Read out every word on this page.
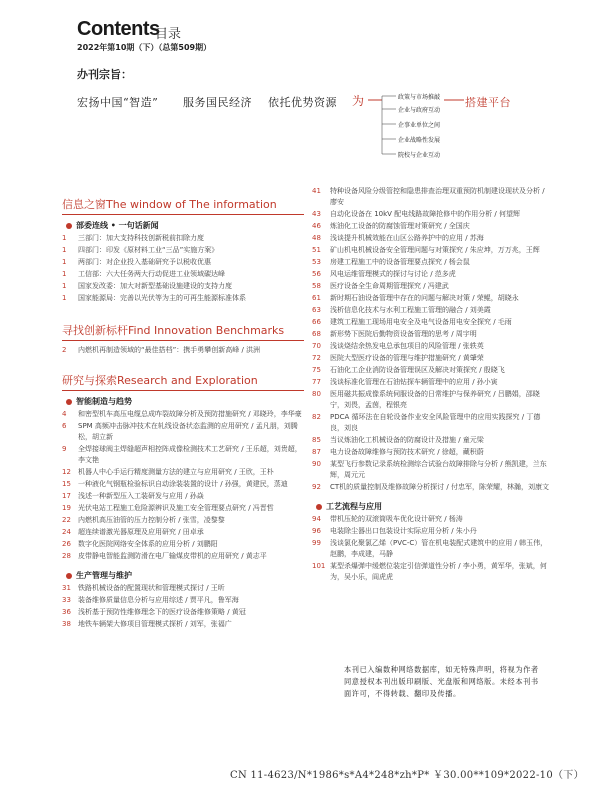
Contents
目录
2022年第10期（下）（总第509期）
办刊宗旨：
宏扬中国“智造” 服务国民经济 依托优势资源 为	搭建平台
政策与市场推敲
企业与政府互动
企事业单位之间
企业战略性发展
院校与企业互动
信息之窗The window of The information
部委连线 • 一句话新闻
1 三部门：加大支持科技创新税前扣除力度
1 四部门：印发《原材料工业“三品”实施方案》
1 两部门：对企业投入基础研究予以税收优惠
1 工信部：六大任务两大行动促进工业领域碳达峰
1 国家发改委：加大对新型基础设施建设的支持力度
1 国家能源局：完善以光伏等为主的可再生能源标准体系
寻找创新标杆Find Innovation Benchmarks
2 内燃机再制造领域的“最佳搭档”：携手勇攀创新高峰 / 洪洲
研究与探索Research and Exploration
智能制造与趋势
4 和密型机车高压电缆总成咋裂故障分析及预防措施研究 / 邓晓玲，李华豪
6 SPM 高频冲击脉冲技术在轧线设备状态监测的应用研究 / 孟凡朋，刘腾松，胡立新
9 全焊接球阀主焊缝超声相控阵成像检测技术工艺研究 / 王乐超，刘贵超，李文艳
12 机器人中心手运行精度测量方法的建立与应用研究 / 王欣，王朴
15 一种液化气钢瓶检验标识自动涂装装置的设计 / 孙强，黄建民，蒸迪
17 浅述一种新型压入工装研发与应用 / 孙焱
19 光伏电站工程施工危险源辨识及施工安全管理要点研究 / 冯晋哲
22 内燃机高压油管的压力控制分析 / 张雪，凌黎黎
24 超连续谱激光器原理及应用研究 / 田卓承
26 数字化医院网络安全体系的应用分析 / 刘鹏阳
28 皮带静电智能监测防滑在电厂输煤皮带机的应用研究 / 黄志平
生产管理与维护
31 铁路机械设备的配置现状和管理模式探讨 / 王昕
33 装备维修质量信息分析与应用综述 / 贾平凡，鲁军海
36 浅析基于预防性维修理念下的医疗设备维修策略 / 黄冠
38 地铁车辆架大修项目管理模式探析 / 刘军，张福广
41 特种设备风险分级管控和隐患排查治理双重预防机制建设现状及分析 / 廖安
43 自动化设备在 10kV 配电线路故障抢修中的作用分析 / 何望辉
46 炼油化工设备的防腐蚀管理对策研究 / 全国庆
48 浅谈提升机械效能在山区公路养护中的应用 / 苏海
51 矿山机电机械设备安全管理问题与对策探究 / 朱应坤，万万兆，王辉
53 房建工程施工中的设备管理要点探究 / 杨会鼠
56 风电运维管理模式的探讨与讨论 / 范多虎
58 医疗设备全生命周期管理探究 / 冯建武
61 新时期石油设备管理中存在的问题与解决对策 / 荣鲲，胡晓永
63 浅析信息化技术与水利工程施工管理的融合 / 刘美霞
66 建筑工程施工现场用电安全及电气设备用电安全探究 / 毛雨
68 新形势下医院后勤物资设备管理的思考 / 周宇明
70 浅谈烧结余热发电总承包项目的风险管理 / 张轶英
72 医院大型医疗设备的管理与维护措施研究 / 黄肇荣
75 石油化工企业消防设备管理误区及解决对策探究 / 殷晓飞
77 浅谈标准化管理在石油钻探车辆管理中的应用 / 孙小寅
80 医用磁共振成像系统伺服设备的日常维护与保养研究 / 吕鹏娟，邵晓宁，刘畏，孟茵，程银亮
82 PDCA 循环法在自轮设备作业安全风险管理中的应用实践探究 / 丁德良，刘良
85 当议炼油化工机械设备的防腐设计及措施 / 童元梁
87 电力设备故障维修与预防技术研究 / 徐超，藏积蔚
90 某型飞行参数记录系统检测综合试验台故障排除与分析 / 熊凯建，兰东辉，周元元
92 CT机的质量控制及维修故障分析探讨 / 付忠军，陈荣耀，林瀚，刘康文
工艺流程与应用
94 带机压轮的双滚筒吸车优化设计研究 / 杨涛
96 电装除尘器出口包装设计实际应用分析 / 朱小丹
99 浅谈氯化聚氯乙烯（PVC-C）管在机电装配式建筑中的应用 / 韩玉伟，赵鹏，李成建，马静
101 某型杀爆弹中缓燃位装定引信弹道性分析 / 李小勇，黄军华，张斌，何为，吴小乐，阎虎虎
本刊已入编数种网络数据库，如无特殊声明，将视为作者同意授权本刊出版印刷版、光盘版和网络版。未经本刊书面许可，不得转载、翻印及传播。
CN 11-4623/N*1986*s*A4*248*zh*P* ￥30.00**109*2022-10（下）
